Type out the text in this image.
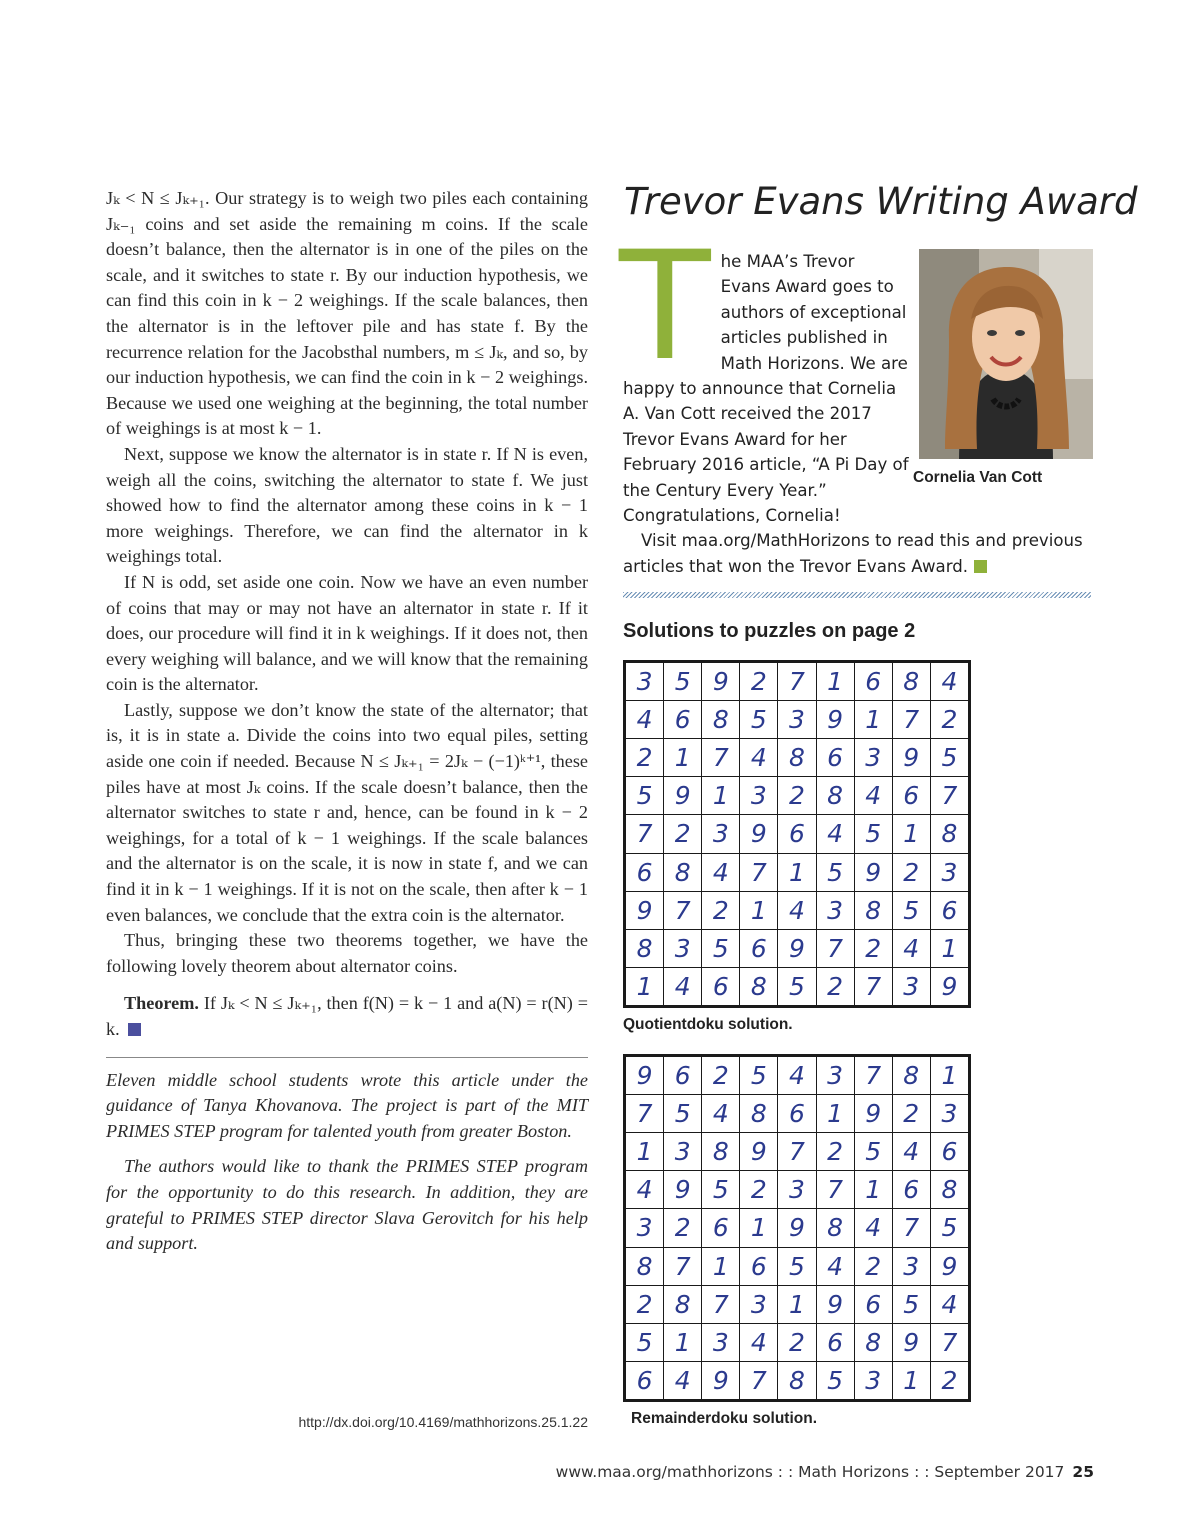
Jₖ < N ≤ Jₖ₊₁. Our strategy is to weigh two piles each containing Jₖ₋₁ coins and set aside the remaining m coins. If the scale doesn’t balance, then the alternator is in one of the piles on the scale, and it switches to state r. By our induction hypothesis, we can find this coin in k − 2 weighings. If the scale balances, then the alternator is in the leftover pile and has state f. By the recurrence relation for the Jacobsthal numbers, m ≤ Jₖ, and so, by our induction hypothesis, we can find the coin in k − 2 weighings. Because we used one weighing at the beginning, the total number of weighings is at most k − 1.

Next, suppose we know the alternator is in state r. If N is even, weigh all the coins, switching the alternator to state f. We just showed how to find the alternator among these coins in k − 1 more weighings. Therefore, we can find the alternator in k weighings total.

If N is odd, set aside one coin. Now we have an even number of coins that may or may not have an alternator in state r. If it does, our procedure will find it in k weighings. If it does not, then every weighing will balance, and we will know that the remaining coin is the alternator.

Lastly, suppose we don’t know the state of the alternator; that is, it is in state a. Divide the coins into two equal piles, setting aside one coin if needed. Because N ≤ Jₖ₊₁ = 2Jₖ − (−1)ᵏ⁺¹, these piles have at most Jₖ coins. If the scale doesn’t balance, then the alternator switches to state r and, hence, can be found in k − 2 weighings, for a total of k − 1 weighings. If the scale balances and the alternator is on the scale, it is now in state f, and we can find it in k − 1 weighings. If it is not on the scale, then after k − 1 even balances, we conclude that the extra coin is the alternator.

Thus, bringing these two theorems together, we have the following lovely theorem about alternator coins.

Theorem. If Jₖ < N ≤ Jₖ₊₁, then f(N) = k − 1 and a(N) = r(N) = k.

Eleven middle school students wrote this article under the guidance of Tanya Khovanova. The project is part of the MIT PRIMES STEP program for talented youth from greater Boston.

The authors would like to thank the PRIMES STEP program for the opportunity to do this research. In addition, they are grateful to PRIMES STEP director Slava Gerovitch for his help and support.

http://dx.doi.org/10.4169/mathhorizons.25.1.22
Trevor Evans Writing Award
Cornelia Van Cott
T he MAA’s Trevor Evans Award goes to authors of exceptional articles published in Math Horizons. We are happy to announce that Cornelia A. Van Cott received the 2017 Trevor Evans Award for her February 2016 article, “A Pi Day of the Century Every Year.” Congratulations, Cornelia!

Visit maa.org/MathHorizons to read this and previous articles that won the Trevor Evans Award.

Solutions to puzzles on page 2
3	5	9	2	7	1	6	8	4
4	6	8	5	3	9	1	7	2
2	1	7	4	8	6	3	9	5
5	9	1	3	2	8	4	6	7
7	2	3	9	6	4	5	1	8
6	8	4	7	1	5	9	2	3
9	7	2	1	4	3	8	5	6
8	3	5	6	9	7	2	4	1
1	4	6	8	5	2	7	3	9
Quotientdoku solution.
9	6	2	5	4	3	7	8	1
7	5	4	8	6	1	9	2	3
1	3	8	9	7	2	5	4	6
4	9	5	2	3	7	1	6	8
3	2	6	1	9	8	4	7	5
8	7	1	6	5	4	2	3	9
2	8	7	3	1	9	6	5	4
5	1	3	4	2	6	8	9	7
6	4	9	7	8	5	3	1	2
Remainderdoku solution.
www.maa.org/mathhorizons : : Math Horizons : : September 2017 25
